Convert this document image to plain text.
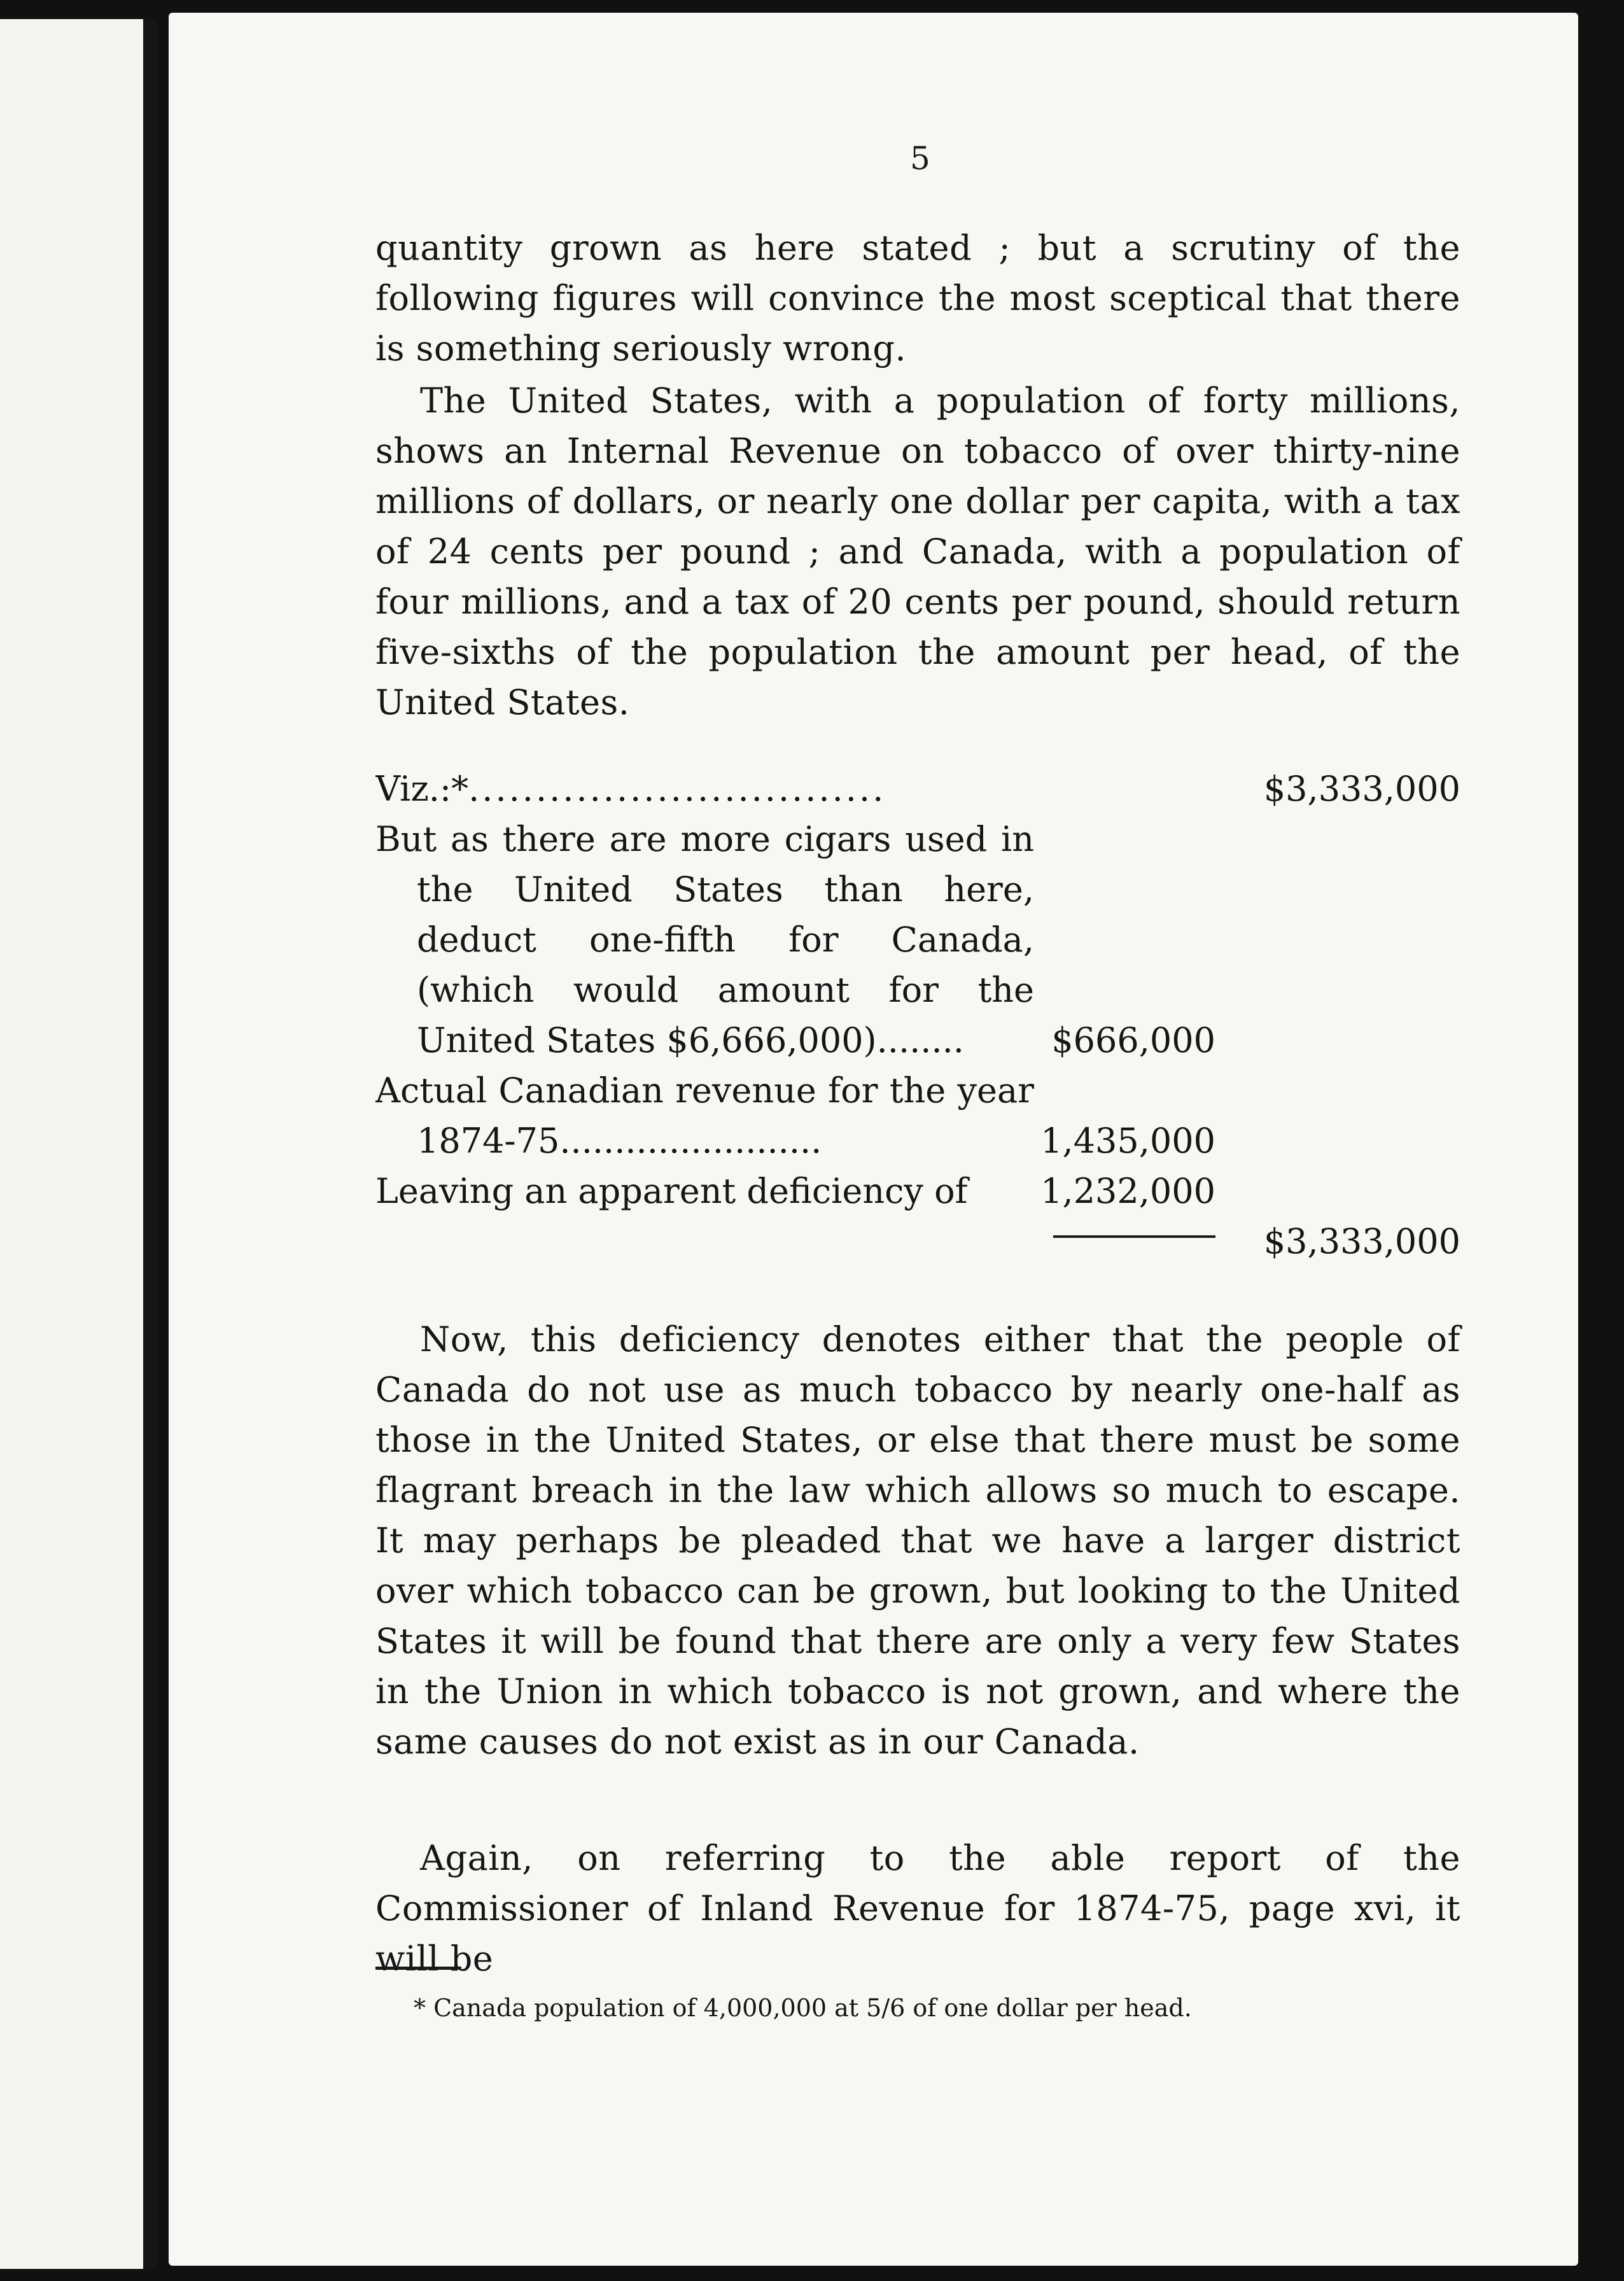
5

quantity grown as here stated ; but a scrutiny of the following figures will convince the most sceptical that there is something seriously wrong.

The United States, with a population of forty millions, shows an Internal Revenue on tobacco of over thirty-nine millions of dollars, or nearly one dollar per capita, with a tax of 24 cents per pound ; and Canada, with a population of four millions, and a tax of 20 cents per pound, should return five-sixths of the population the amount per head, of the United States.

Viz.:*...............................	$3,333,000
But as there are more cigars used in the United States than here, deduct one-fifth for Canada, (which would amount for the United States $6,666,000)........	$666,000
Actual Canadian revenue for the year 1874-75........................	1,435,000
Leaving an apparent deficiency of	1,232,000
$3,333,000

Now, this deficiency denotes either that the people of Canada do not use as much tobacco by nearly one-half as those in the United States, or else that there must be some flagrant breach in the law which allows so much to escape. It may perhaps be pleaded that we have a larger district over which tobacco can be grown, but looking to the United States it will be found that there are only a very few States in the Union in which tobacco is not grown, and where the same causes do not exist as in our Canada.

Again, on referring to the able report of the Commissioner of Inland Revenue for 1874-75, page xvi, it will be

* Canada population of 4,000,000 at 5/6 of one dollar per head.
